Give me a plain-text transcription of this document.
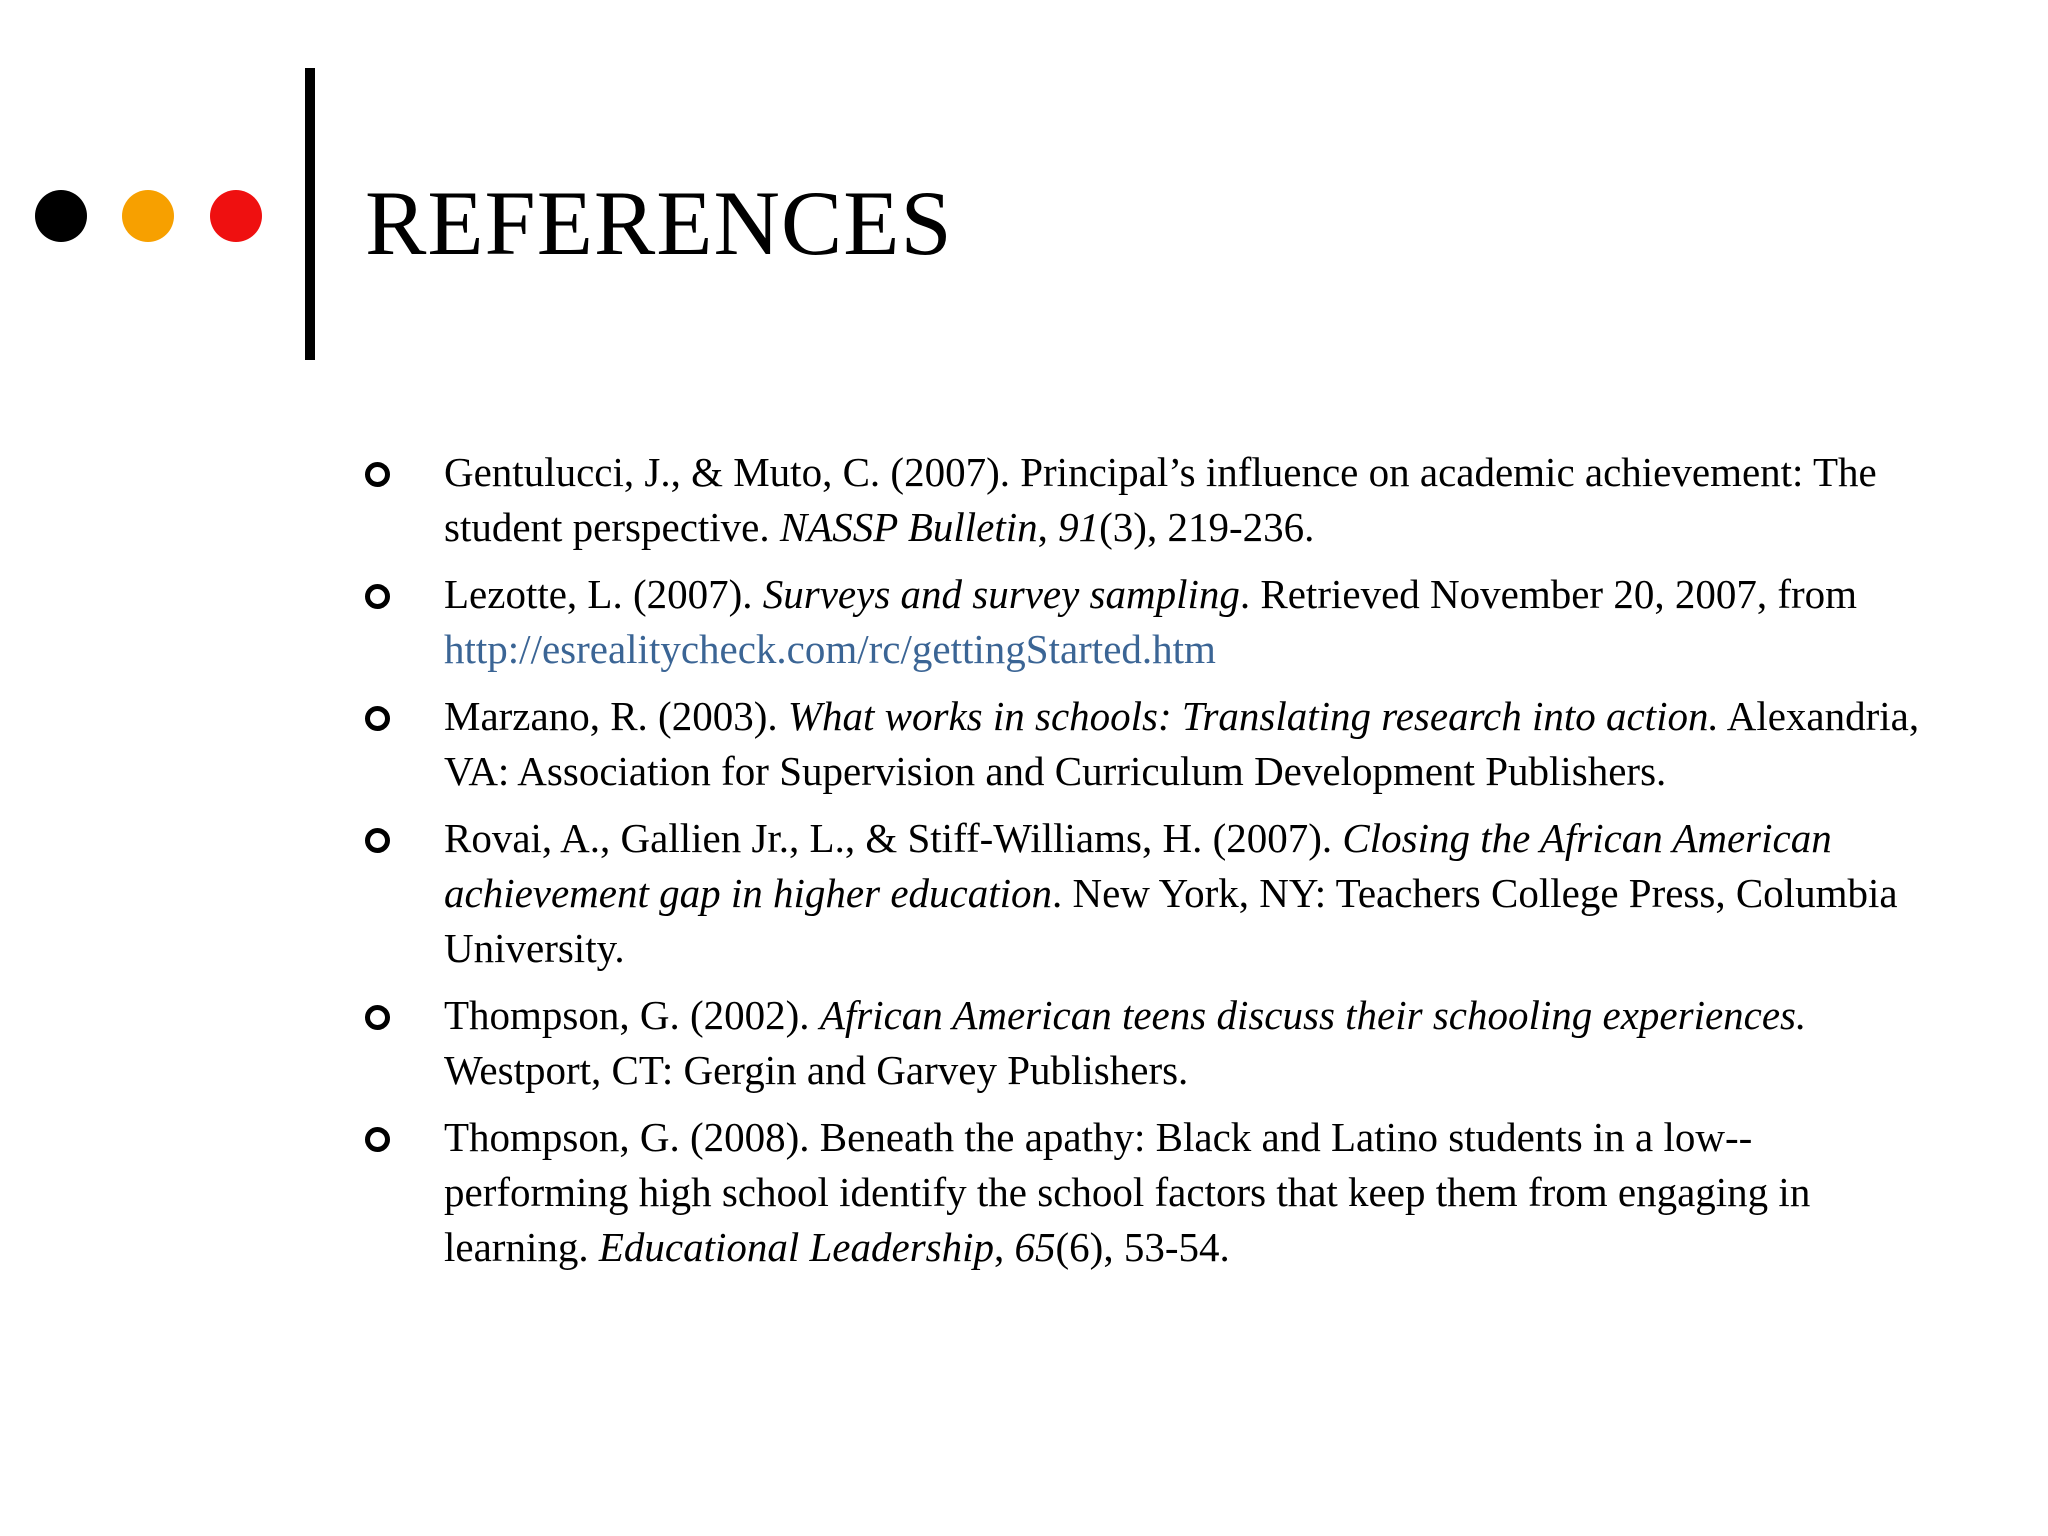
REFERENCES
Gentulucci, J., & Muto, C. (2007). Principal’s influence on academic achievement: The student perspective. NASSP Bulletin, 91(3), 219-236.
Lezotte, L. (2007). Surveys and survey sampling. Retrieved November 20, 2007, from http://esrealitycheck.com/rc/gettingStarted.htm
Marzano, R. (2003). What works in schools: Translating research into action. Alexandria, VA: Association for Supervision and Curriculum Development Publishers.
Rovai, A., Gallien Jr., L., & Stiff-Williams, H. (2007). Closing the African American achievement gap in higher education. New York, NY: Teachers College Press, Columbia University.
Thompson, G. (2002). African American teens discuss their schooling experiences. Westport, CT: Gergin and Garvey Publishers.
Thompson, G. (2008). Beneath the apathy: Black and Latino students in a low--performing high school identify the school factors that keep them from engaging in learning. Educational Leadership, 65(6), 53-54.
